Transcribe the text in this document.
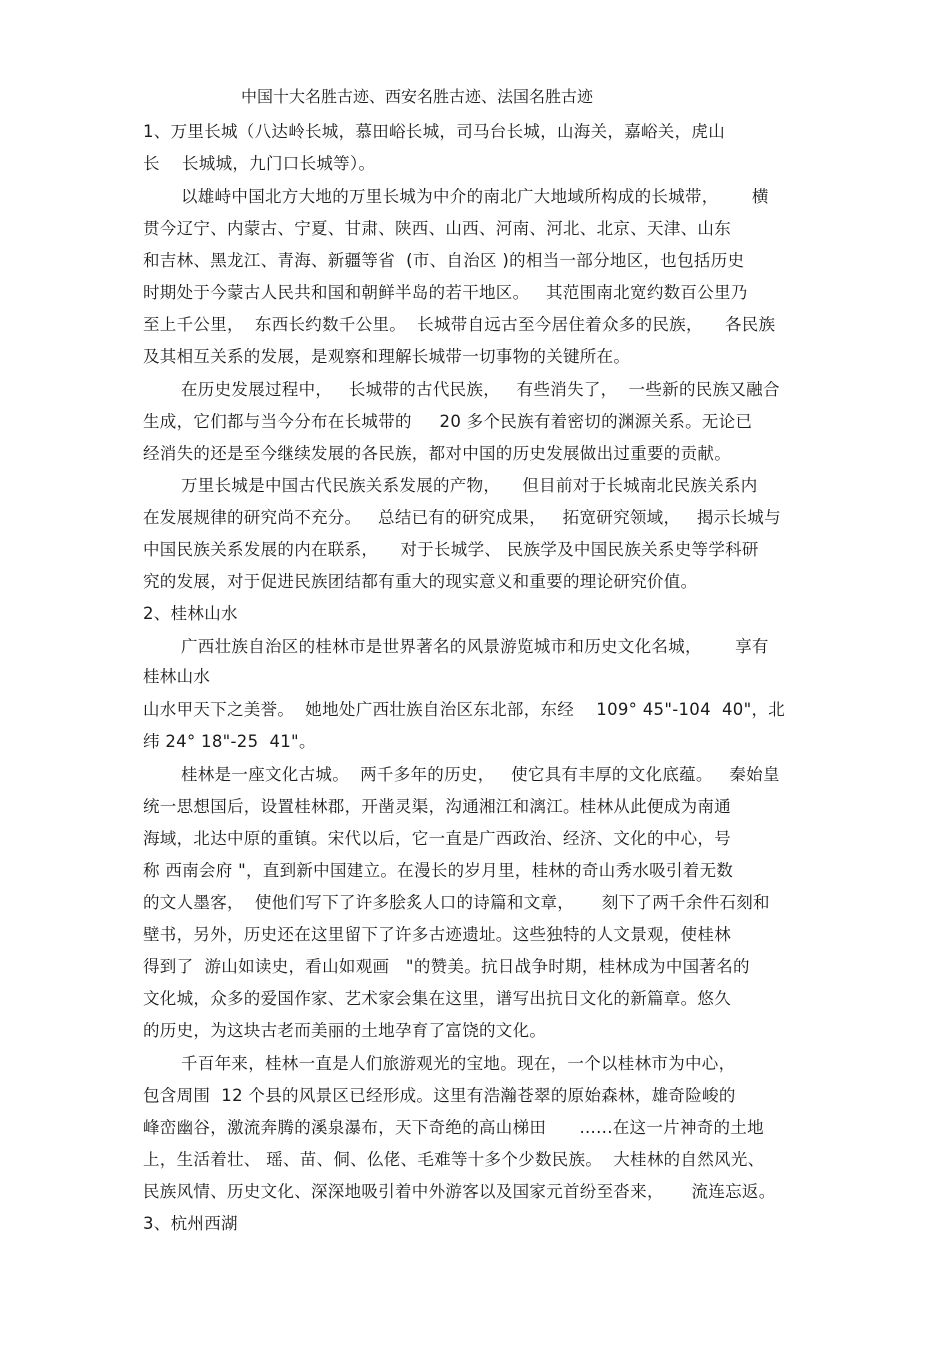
中国十大名胜古迹、西安名胜古迹、法国名胜古迹
1、万里长城（八达岭长城，慕田峪长城，司马台长城，山海关，嘉峪关，虎山
长    长城城，九门口长城等）。
以雄峙中国北方大地的万里长城为中介的南北广大地域所构成的长城带，      横
贯今辽宁、内蒙古、宁夏、甘肃、陕西、山西、河南、河北、北京、天津、山东
和吉林、黑龙江、青海、新疆等省  (市、自治区 )的相当一部分地区，也包括历史
时期处于今蒙古人民共和国和朝鲜半岛的若干地区。   其范围南北宽约数百公里乃
至上千公里，  东西长约数千公里。  长城带自远古至今居住着众多的民族，    各民族
及其相互关系的发展，是观察和理解长城带一切事物的关键所在。
在历史发展过程中，   长城带的古代民族，   有些消失了，  一些新的民族又融合
生成，它们都与当今分布在长城带的     20 多个民族有着密切的渊源关系。无论已
经消失的还是至今继续发展的各民族，都对中国的历史发展做出过重要的贡献。
万里长城是中国古代民族关系发展的产物，    但目前对于长城南北民族关系内
在发展规律的研究尚不充分。   总结已有的研究成果，   拓宽研究领域，   揭示长城与
中国民族关系发展的内在联系，    对于长城学、 民族学及中国民族关系史等学科研
究的发展，对于促进民族团结都有重大的现实意义和重要的理论研究价值。
2、桂林山水
广西壮族自治区的桂林市是世界著名的风景游览城市和历史文化名城，      享有
桂林山水
山水甲天下之美誉。  她地处广西壮族自治区东北部，东经    109° 45"-104  40"，北
纬 24° 18"-25  41"。
桂林是一座文化古城。  两千多年的历史，   使它具有丰厚的文化底蕴。   秦始皇
统一思想国后，设置桂林郡，开凿灵渠，沟通湘江和漓江。桂林从此便成为南通
海域，北达中原的重镇。宋代以后，它一直是广西政治、经济、文化的中心，号
称 西南会府 "，直到新中国建立。在漫长的岁月里，桂林的奇山秀水吸引着无数
的文人墨客，  使他们写下了许多脍炙人口的诗篇和文章，     刻下了两千余件石刻和
壁书，另外，历史还在这里留下了许多古迹遗址。这些独特的人文景观，使桂林
得到了  游山如读史，看山如观画   "的赞美。抗日战争时期，桂林成为中国著名的
文化城，众多的爱国作家、艺术家会集在这里，谱写出抗日文化的新篇章。悠久
的历史，为这块古老而美丽的土地孕育了富饶的文化。
千百年来，桂林一直是人们旅游观光的宝地。现在，一个以桂林市为中心，
包含周围  12 个县的风景区已经形成。这里有浩瀚苍翠的原始森林，雄奇险峻的
峰峦幽谷，激流奔腾的溪泉瀑布，天下奇绝的高山梯田      ......在这一片神奇的土地
上，生活着壮、 瑶、苗、侗、仫佬、毛难等十多个少数民族。  大桂林的自然风光、
民族风情、历史文化、深深地吸引着中外游客以及国家元首纷至沓来，     流连忘返。
3、杭州西湖
